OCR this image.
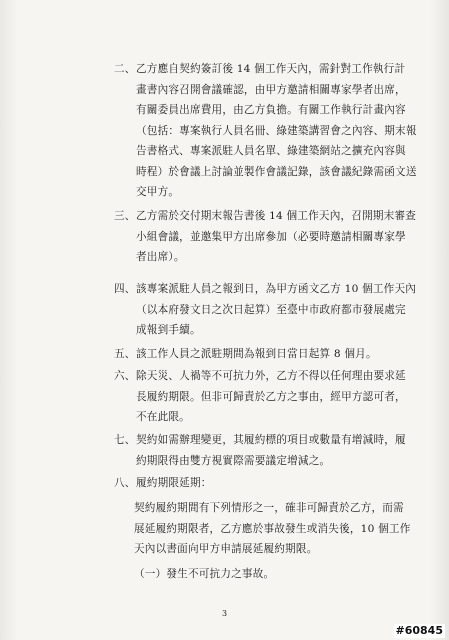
二、 乙方應自契約簽訂後 14 個工作天內，需針對工作執行計
畫書內容召開會議確認，由甲方邀請相關專家學者出席，
有關委員出席費用，由乙方負擔。有關工作執行計畫內容
（包括：專案執行人員名冊、綠建築講習會之內容、期末報
告書格式、專案派駐人員名單、綠建築網站之擴充內容與
時程）於會議上討論並製作會議記錄，該會議紀錄需函文送
交甲方。
三、 乙方需於交付期末報告書後 14 個工作天內，召開期末審查
小組會議，並邀集甲方出席參加（必要時邀請相關專家學
者出席）。
四、 該專案派駐人員之報到日，為甲方函文乙方 10 個工作天內
（以本府發文日之次日起算）至臺中市政府都市發展處完
成報到手續。
五、 該工作人員之派駐期間為報到日當日起算 8 個月。
六、 除天災、人禍等不可抗力外，乙方不得以任何理由要求延
長履約期限。但非可歸責於乙方之事由，經甲方認可者，
不在此限。
七、 契約如需辦理變更，其履約標的項目或數量有增減時，履
約期限得由雙方視實際需要議定增減之。
八、 履約期限延期：
契約履約期間有下列情形之一，確非可歸責於乙方，而需
展延履約期限者，乙方應於事故發生或消失後，10 個工作
天內以書面向甲方申請展延履約期限。
（一）發生不可抗力之事故。
3
#60845
